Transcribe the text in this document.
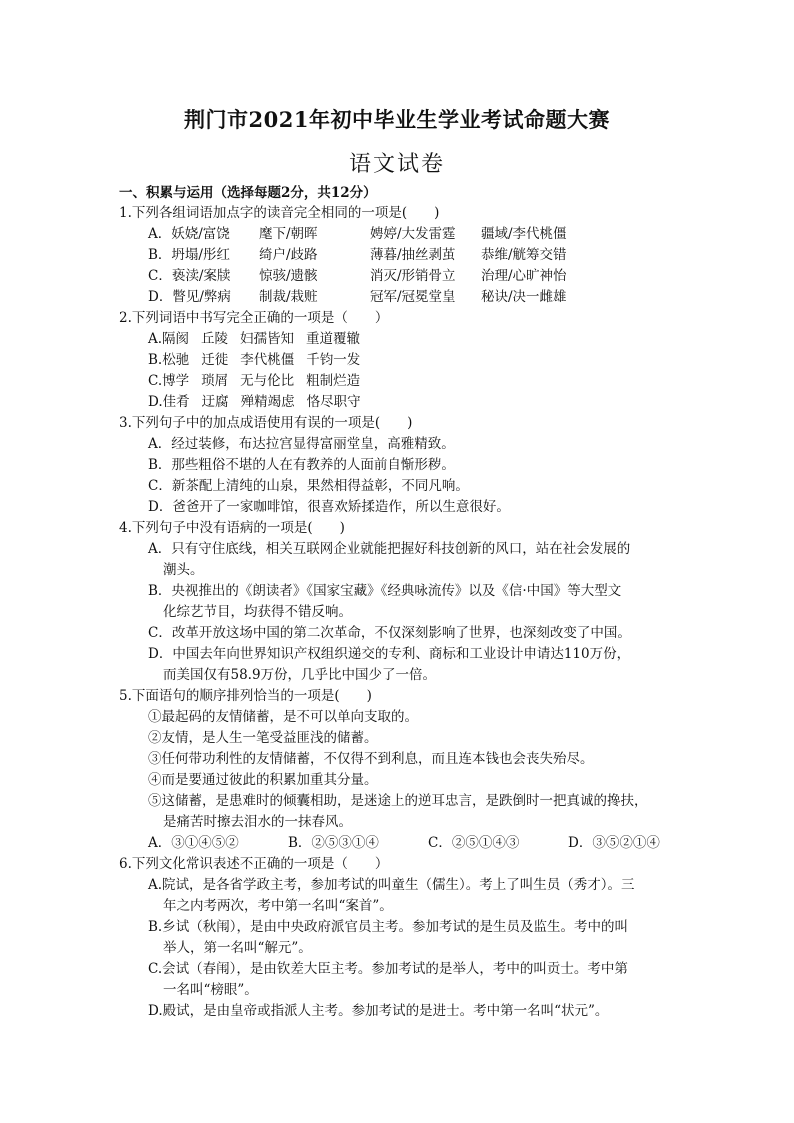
荆门市2021年初中毕业生学业考试命题大赛
语文试卷
一、积累与运用（选择每题2分，共12分）
1.下列各组词语加点字的读音完全相同的一项是(　　)
A．妖娆/富饶	麾下/朝晖	娉婷/大发雷霆	疆域/李代桃僵
B．坍塌/彤红	绮户/歧路	薄暮/抽丝剥茧	恭维/觥筹交错
C．亵渎/案牍	惊骇/遗骸	消灭/形销骨立	治理/心旷神怡
D．瞥见/弊病	制裁/栽赃	冠军/冠冕堂皇	秘诀/决一雌雄
2.下列词语中书写完全正确的一项是（　　）
A.隔阂 丘陵 妇孺皆知 重道覆辙
B.松驰 迁徙 李代桃僵 千钧一发
C.博学 琐屑 无与伦比 粗制烂造
D.佳肴 迂腐 殚精竭虑 恪尽职守
3.下列句子中的加点成语使用有误的一项是(　　)
A．经过装修，布达拉宫显得富丽堂皇，高雅精致。
B．那些粗俗不堪的人在有教养的人面前自惭形秽。
C．新茶配上清纯的山泉，果然相得益彰，不同凡响。
D．爸爸开了一家咖啡馆，很喜欢矫揉造作，所以生意很好。
4.下列句子中没有语病的一项是(　　)
A．只有守住底线，相关互联网企业就能把握好科技创新的风口，站在社会发展的
潮头。
B．央视推出的《朗读者》《国家宝藏》《经典咏流传》以及《信·中国》等大型文
化综艺节目，均获得不错反响。
C．改革开放这场中国的第二次革命，不仅深刻影响了世界，也深刻改变了中国。
D．中国去年向世界知识产权组织递交的专利、商标和工业设计申请达110万份，
而美国仅有58.9万份，几乎比中国少了一倍。
5.下面语句的顺序排列恰当的一项是(　　)
①最起码的友情储蓄，是不可以单向支取的。
②友情，是人生一笔受益匪浅的储蓄。
③任何带功利性的友情储蓄，不仅得不到利息，而且连本钱也会丧失殆尽。
④而是要通过彼此的积累加重其分量。
⑤这储蓄，是患难时的倾囊相助，是迷途上的逆耳忠言，是跌倒时一把真诚的搀扶，
是痛苦时擦去泪水的一抹春风。
A．③①④⑤②	B．②⑤③①④	C．②⑤①④③	D．③⑤②①④
6.下列文化常识表述不正确的一项是（　　）
A.院试，是各省学政主考，参加考试的叫童生（儒生）。考上了叫生员（秀才）。三
年之内考两次，考中第一名叫“案首”。
B.乡试（秋闱），是由中央政府派官员主考。参加考试的是生员及监生。考中的叫
举人，第一名叫“解元”。
C.会试（春闱），是由钦差大臣主考。参加考试的是举人，考中的叫贡士。考中第
一名叫“榜眼”。
D.殿试，是由皇帝或指派人主考。参加考试的是进士。考中第一名叫“状元”。
